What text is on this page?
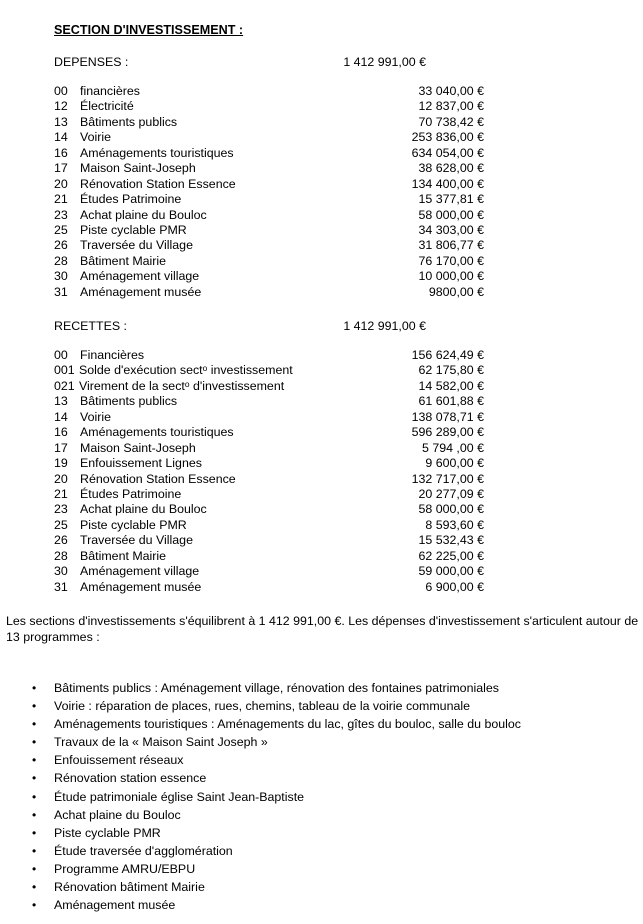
SECTION D'INVESTISSEMENT :
DEPENSES :	1 412 991,00 €
00 financières	33 040,00 €
12 Électricité	12 837,00 €
13 Bâtiments publics	70 738,42 €
14 Voirie	253 836,00 €
16 Aménagements touristiques	634 054,00 €
17 Maison Saint-Joseph	38 628,00 €
20 Rénovation Station Essence	134 400,00 €
21 Études Patrimoine	15 377,81 €
23 Achat plaine du Bouloc	58 000,00 €
25 Piste cyclable PMR	34 303,00 €
26 Traversée du Village	31 806,77 €
28 Bâtiment Mairie	76 170,00 €
30 Aménagement village	10 000,00 €
31 Aménagement musée	9800,00 €
RECETTES :	1 412 991,00 €
00 Financières	156 624,49 €
001 Solde d'exécution sectᵒ investissement	62 175,80 €
021 Virement de la sectᵒ d'investissement	14 582,00 €
13 Bâtiments publics	61 601,88 €
14 Voirie	138 078,71 €
16 Aménagements touristiques	596 289,00 €
17 Maison Saint-Joseph	5 794 ,00 €
19 Enfouissement Lignes	9 600,00 €
20 Rénovation Station Essence	132 717,00 €
21 Études Patrimoine	20 277,09 €
23 Achat plaine du Bouloc	58 000,00 €
25 Piste cyclable PMR	8 593,60 €
26 Traversée du Village	15 532,43 €
28 Bâtiment Mairie	62 225,00 €
30 Aménagement village	59 000,00 €
31 Aménagement musée	6 900,00 €
Les sections d'investissements s'équilibrent à 1 412 991,00 €. Les dépenses d'investissement s'articulent autour de 13 programmes :
• Bâtiments publics : Aménagement village, rénovation des fontaines patrimoniales
• Voirie : réparation de places, rues, chemins, tableau de la voirie communale
• Aménagements touristiques : Aménagements du lac, gîtes du bouloc, salle du bouloc
• Travaux de la « Maison Saint Joseph »
• Enfouissement réseaux
• Rénovation station essence
• Étude patrimoniale église Saint Jean-Baptiste
• Achat plaine du Bouloc
• Piste cyclable PMR
• Étude traversée d'agglomération
• Programme AMRU/EBPU
• Rénovation bâtiment Mairie
• Aménagement musée
